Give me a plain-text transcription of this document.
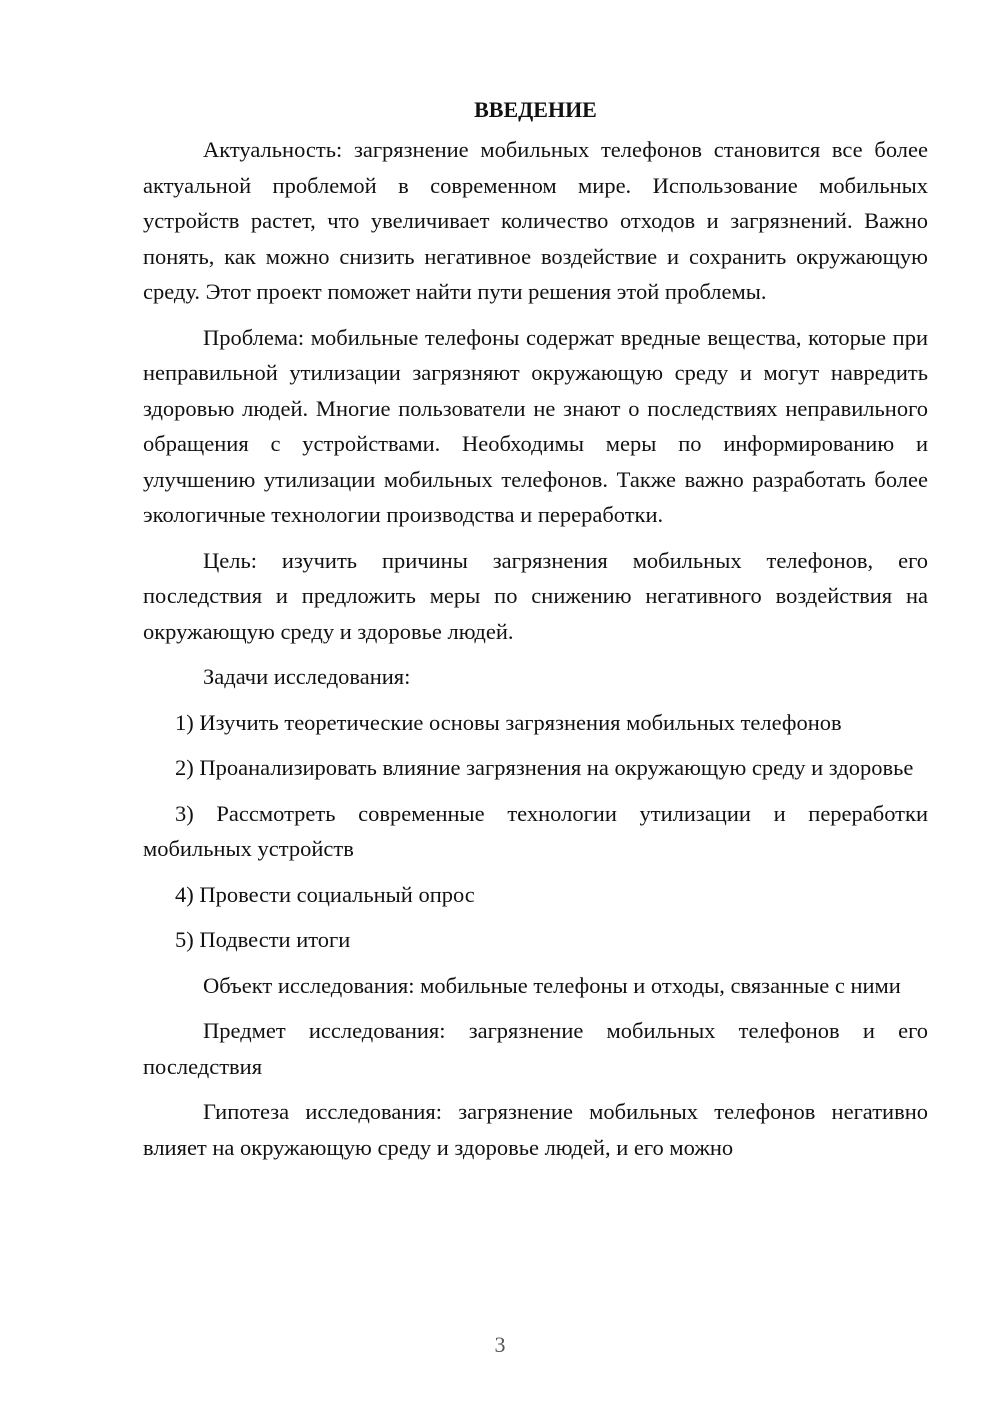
ВВЕДЕНИЕ

Актуальность: загрязнение мобильных телефонов становится все более актуальной проблемой в современном мире. Использование мобильных устройств растет, что увеличивает количество отходов и загрязнений. Важно понять, как можно снизить негативное воздействие и сохранить окружающую среду. Этот проект поможет найти пути решения этой проблемы.

Проблема: мобильные телефоны содержат вредные вещества, которые при неправильной утилизации загрязняют окружающую среду и могут навредить здоровью людей. Многие пользователи не знают о последствиях неправильного обращения с устройствами. Необходимы меры по информированию и улучшению утилизации мобильных телефонов. Также важно разработать более экологичные технологии производства и переработки.

Цель: изучить причины загрязнения мобильных телефонов, его последствия и предложить меры по снижению негативного воздействия на окружающую среду и здоровье людей.

Задачи исследования:

1) Изучить теоретические основы загрязнения мобильных телефонов

2) Проанализировать влияние загрязнения на окружающую среду и здоровье

3) Рассмотреть современные технологии утилизации и переработки мобильных устройств

4) Провести социальный опрос

5) Подвести итоги

Объект исследования: мобильные телефоны и отходы, связанные с ними

Предмет исследования: загрязнение мобильных телефонов и его последствия

Гипотеза исследования: загрязнение мобильных телефонов негативно влияет на окружающую среду и здоровье людей, и его можно

3
